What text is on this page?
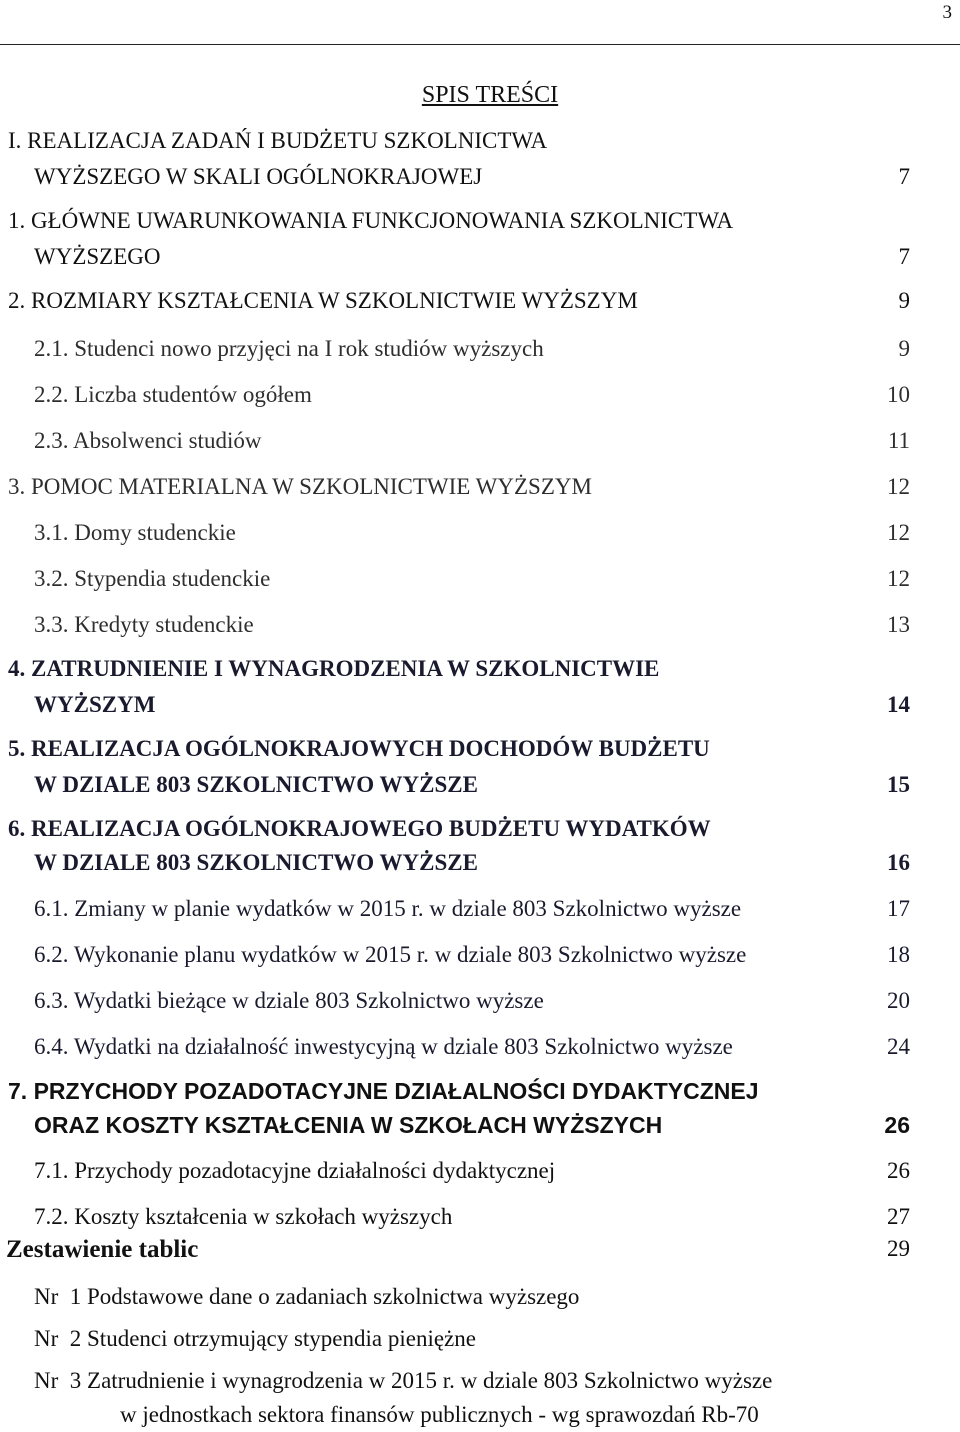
3
SPIS TREŚCI
I. REALIZACJA ZADAŃ I BUDŻETU SZKOLNICTWA
WYŻSZEGO W SKALI OGÓLNOKRAJOWEJ	7
1. GŁÓWNE UWARUNKOWANIA FUNKCJONOWANIA SZKOLNICTWA
WYŻSZEGO	7
2. ROZMIARY KSZTAŁCENIA W SZKOLNICTWIE WYŻSZYM	9
2.1. Studenci nowo przyjęci na I rok studiów wyższych	9
2.2. Liczba studentów ogółem	10
2.3. Absolwenci studiów	11
3. POMOC MATERIALNA W SZKOLNICTWIE WYŻSZYM	12
3.1. Domy studenckie	12
3.2. Stypendia studenckie	12
3.3. Kredyty studenckie	13
4. ZATRUDNIENIE I WYNAGRODZENIA W SZKOLNICTWIE
WYŻSZYM	14
5. REALIZACJA OGÓLNOKRAJOWYCH DOCHODÓW BUDŻETU
W DZIALE 803 SZKOLNICTWO WYŻSZE	15
6. REALIZACJA OGÓLNOKRAJOWEGO BUDŻETU WYDATKÓW
W DZIALE 803 SZKOLNICTWO WYŻSZE	16
6.1. Zmiany w planie wydatków w 2015 r. w dziale 803 Szkolnictwo wyższe	17
6.2. Wykonanie planu wydatków w 2015 r. w dziale 803 Szkolnictwo wyższe	18
6.3. Wydatki bieżące w dziale 803 Szkolnictwo wyższe	20
6.4. Wydatki na działalność inwestycyjną w dziale 803 Szkolnictwo wyższe	24
7. PRZYCHODY POZADOTACYJNE DZIAŁALNOŚCI DYDAKTYCZNEJ
ORAZ KOSZTY KSZTAŁCENIA W SZKOŁACH WYŻSZYCH	26
7.1. Przychody pozadotacyjne działalności dydaktycznej	26
7.2. Koszty kształcenia w szkołach wyższych	27
Zestawienie tablic	29
Nr  1 Podstawowe dane o zadaniach szkolnictwa wyższego
Nr  2 Studenci otrzymujący stypendia pieniężne
Nr  3 Zatrudnienie i wynagrodzenia w 2015 r. w dziale 803 Szkolnictwo wyższe
w jednostkach sektora finansów publicznych - wg sprawozdań Rb-70
